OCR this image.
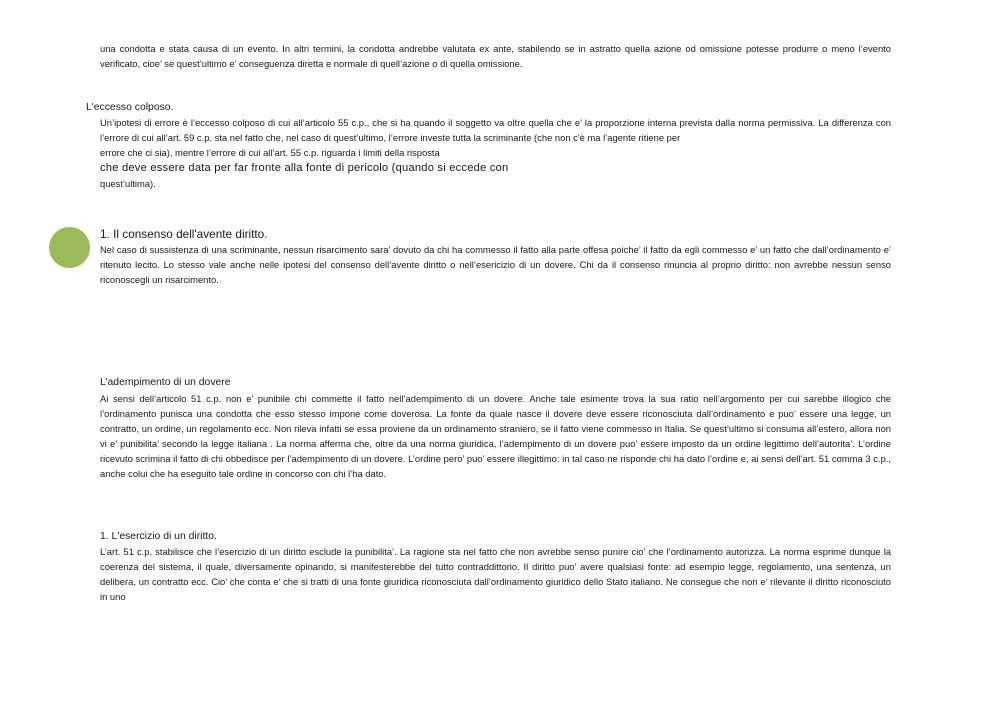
una condotta e stata causa di un evento. In altri termini, la condotta andrebbe valutata ex ante, stabilendo se in astratto quella azione od omissione potesse produrre o meno l’evento verificato, cioe’ se quest’ultimo e’ conseguenza diretta e normale di quell’azione o di quella omissione.

L'eccesso colposo.

Un’ipotesi di errore è l’eccesso colposo di cui all’articolo 55 c.p., che si ha quando il soggetto va oltre quella che e’ la proporzione interna prevista dalla norma permissiva. La differenza con l’errore di cui all’art. 59 c.p. sta nel fatto che, nel caso di quest’ultimo, l’errore investe tutta la scriminante (che non c'è ma l’agente ritiene per

errore che ci sia), mentre l’errore di cui all’art. 55 c.p. riguarda i limiti della risposta

che deve essere data per far fronte alla fonte di pericolo (quando si eccede con

quest’ultima).

1. Il consenso dell'avente diritto.

Nel caso di sussistenza di una scriminante, nessun risarcimento sara’ dovuto da chi ha commesso il fatto alla parte offesa poiche’ il fatto da egli commesso e’ un fatto che dall’ordinamento e’ ritenuto lecito. Lo stesso vale anche nelle ipotesi del consenso dell’avente diritto o nell’esericizio di un dovere. Chi da il consenso rinuncia al proprio diritto: non avrebbe nessun senso riconoscegli un risarcimento.

L’adempimento di un dovere

Ai sensi dell’articolo 51 c.p. non e’ punibile chi commette il fatto nell’adempimento di un dovere. Anche tale esimente trova la sua ratio nell’argomento per cui sarebbe illogico che l’ordinamento punisca una condotta che esso stesso impone come doverosa. La fonte da quale nasce il dovere deve essere riconosciuta dall’ordinamento e puo’ essere una legge, un contratto, un ordine, un regolamento ecc. Non rileva infatti se essa proviene da un ordinamento straniero, se il fatto viene commesso in Italia. Se quest’ultimo si consuma all’estero, allora non vi e’ punibilita’ secondo la legge italiana . La norma afferma che, oltre da una norma giuridica, l’adempimento di un dovere puo’ essere imposto da un ordine legittimo dell’autorita’. L’ordine ricevuto scrimina il fatto di chi obbedisce per l’adempimento di un dovere. L’ordine pero’ puo’ essere illegittimo: in tal caso ne risponde chi ha dato l’ordine e, ai sensi dell’art. 51 comma 3 c.p., anche colui che ha eseguito tale ordine in concorso con chi l’ha dato.

1. L'esercizio di un diritto.

L’art. 51 c.p. stabilisce che l’esercizio di un diritto esclude la punibilita’. La ragione sta nel fatto che non avrebbe senso punire cio’ che l’ordinamento autorizza. La norma esprime dunque la coerenza del sistema, il quale, diversamente opinando, si manifesterebbe del tutto contraddittorio. Il diritto puo’ avere qualsiasi fonte: ad esempio legge, regolamento, una sentenza, un delibera, un contratto ecc. Cio’ che conta e’ che si tratti di una fonte giuridica riconosciuta dall’ordinamento giuridico dello Stato italiano. Ne consegue che non e’ rilevante il diritto riconosciuto in uno
